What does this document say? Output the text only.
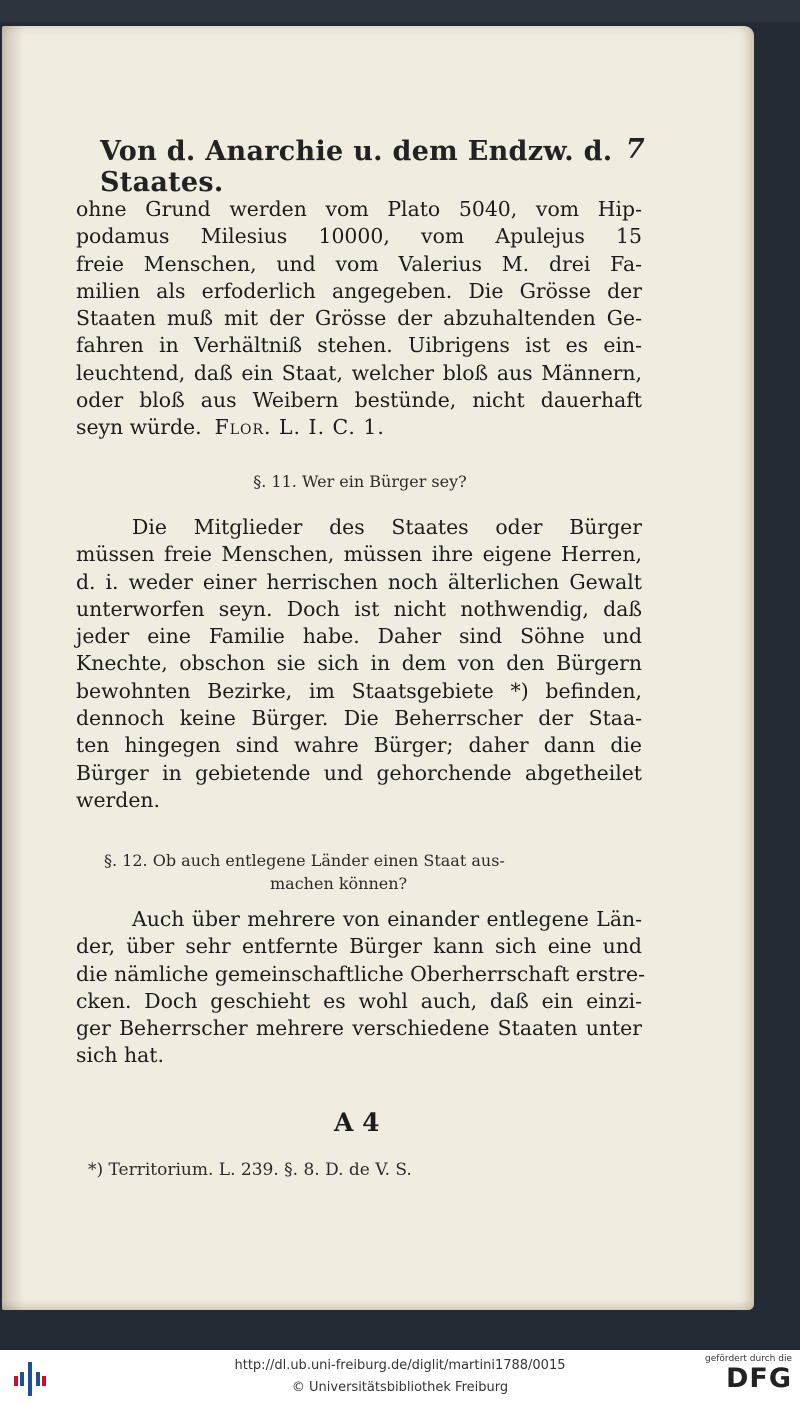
Von d. Anarchie u. dem Endzw. d. Staates.
7
ohne Grund werden vom Plato 5040, vom Hip-
podamus Milesius 10000, vom Apulejus 15
freie Menschen, und vom Valerius M. drei Fa-
milien als erfoderlich angegeben. Die Grösse der
Staaten muß mit der Grösse der abzuhaltenden Ge-
fahren in Verhältniß stehen. Uibrigens ist es ein-
leuchtend, daß ein Staat, welcher bloß aus Männern,
oder bloß aus Weibern bestünde, nicht dauerhaft
seyn würde. Flor. L. I. C. 1.
§. 11. Wer ein Bürger sey?
Die Mitglieder des Staates oder Bürger
müssen freie Menschen, müssen ihre eigene Herren,
d. i. weder einer herrischen noch älterlichen Gewalt
unterworfen seyn. Doch ist nicht nothwendig, daß
jeder eine Familie habe. Daher sind Söhne und
Knechte, obschon sie sich in dem von den Bürgern
bewohnten Bezirke, im Staatsgebiete *) befinden,
dennoch keine Bürger. Die Beherrscher der Staa-
ten hingegen sind wahre Bürger; daher dann die
Bürger in gebietende und gehorchende abgetheilet
werden.
§. 12. Ob auch entlegene Länder einen Staat aus-
machen können?
Auch über mehrere von einander entlegene Län-
der, über sehr entfernte Bürger kann sich eine und
die nämliche gemeinschaftliche Oberherrschaft erstre-
cken. Doch geschieht es wohl auch, daß ein einzi-
ger Beherrscher mehrere verschiedene Staaten unter
sich hat.
A 4
*) Territorium. L. 239. §. 8. D. de V. S.
http://dl.ub.uni-freiburg.de/diglit/martini1788/0015
© Universitätsbibliothek Freiburg
gefördert durch die
DFG
